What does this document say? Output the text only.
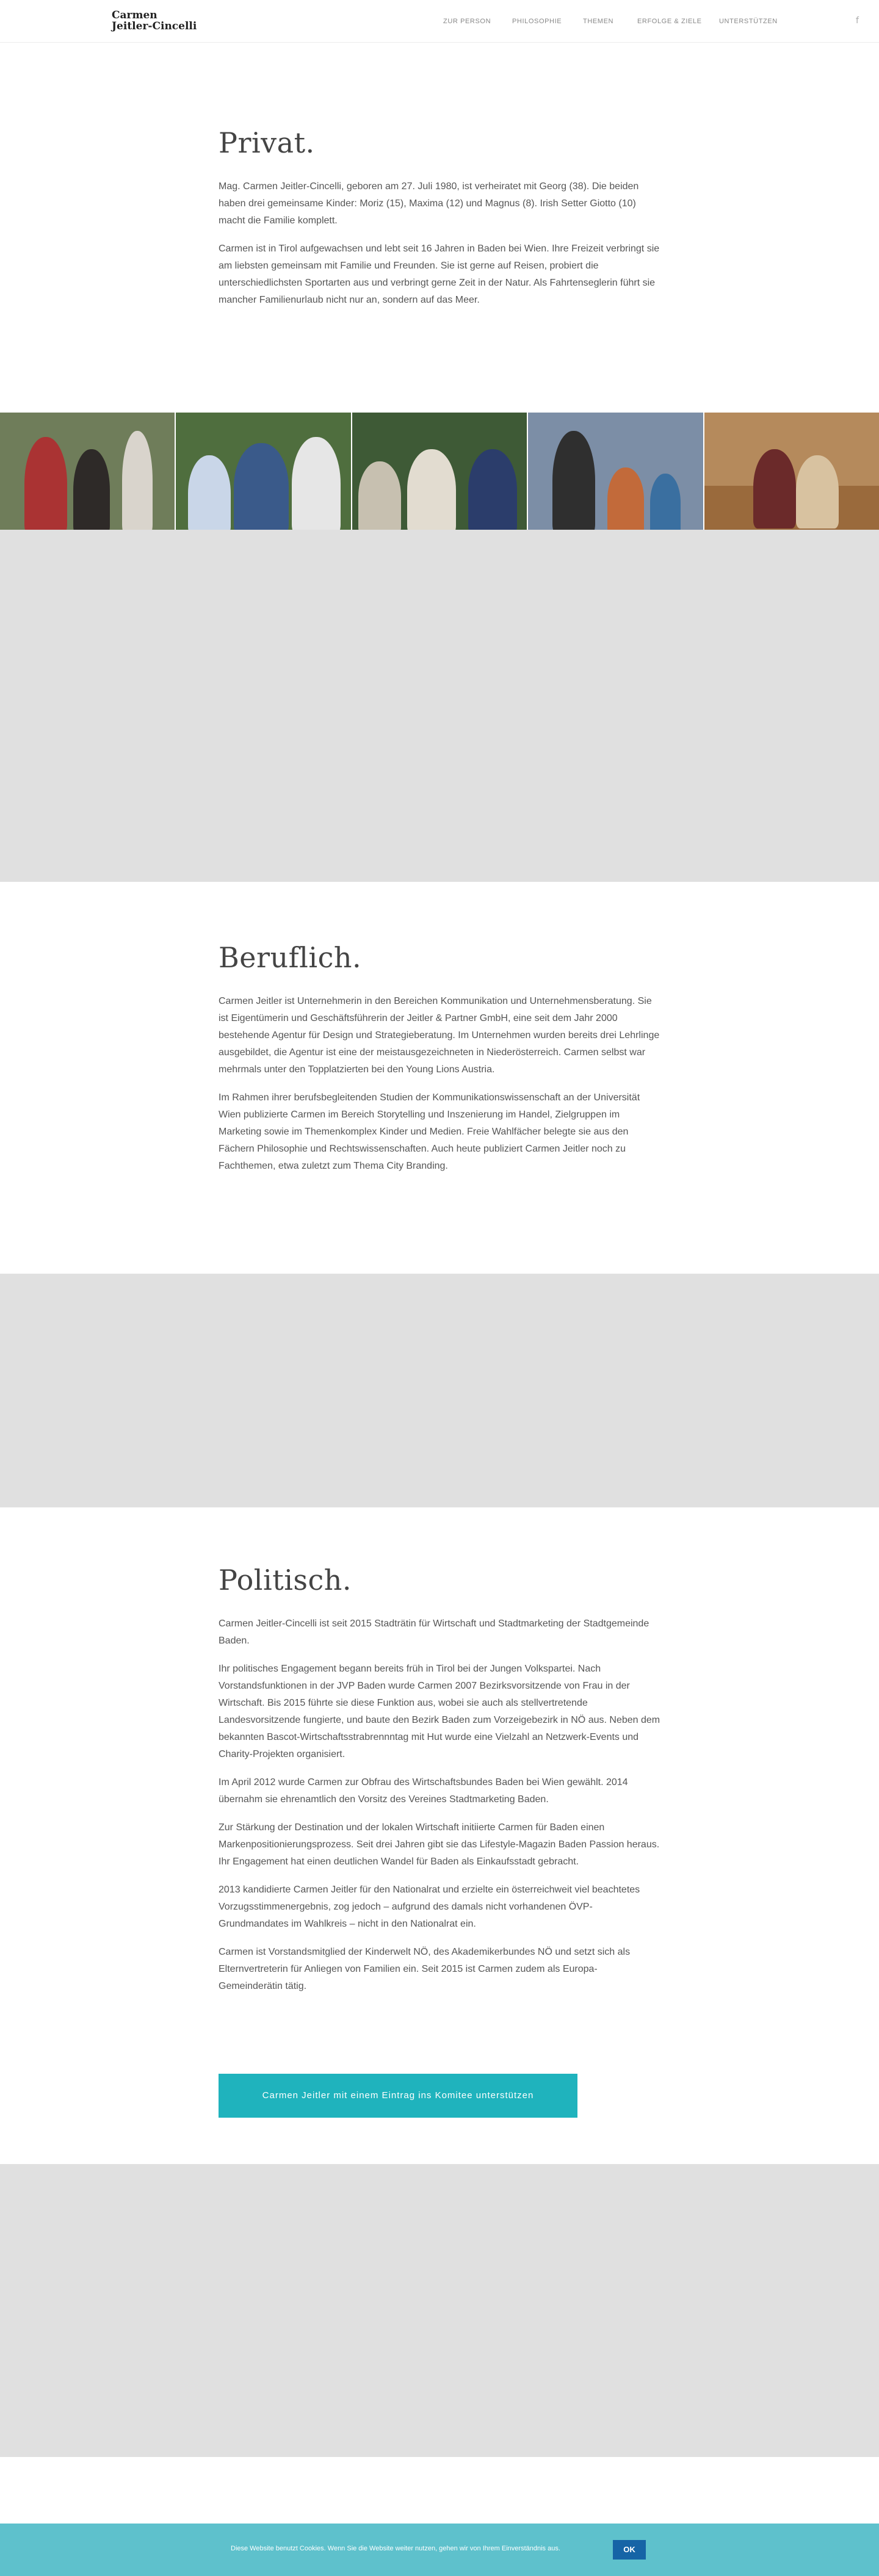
Carmen
Jeitler-Cincelli	ZUR PERSON	PHILOSOPHIE	THEMEN	ERFOLGE & ZIELE	UNTERSTÜTZEN	f
Privat.

Mag. Carmen Jeitler-Cincelli, geboren am 27. Juli 1980, ist verheiratet mit Georg (38). Die beiden haben drei gemeinsame Kinder: Moriz (15), Maxima (12) und Magnus (8). Irish Setter Giotto (10) macht die Familie komplett.

Carmen ist in Tirol aufgewachsen und lebt seit 16 Jahren in Baden bei Wien. Ihre Freizeit verbringt sie am liebsten gemeinsam mit Familie und Freunden. Sie ist gerne auf Reisen, probiert die unterschiedlichsten Sportarten aus und verbringt gerne Zeit in der Natur. Als Fahrtenseglerin führt sie mancher Familienurlaub nicht nur an, sondern auf das Meer.

Beruflich.

Carmen Jeitler ist Unternehmerin in den Bereichen Kommunikation und Unternehmensberatung. Sie ist Eigentümerin und Geschäftsführerin der Jeitler & Partner GmbH, eine seit dem Jahr 2000 bestehende Agentur für Design und Strategieberatung. Im Unternehmen wurden bereits drei Lehrlinge ausgebildet, die Agentur ist eine der meistausgezeichneten in Niederösterreich. Carmen selbst war mehrmals unter den Topplatzierten bei den Young Lions Austria.

Im Rahmen ihrer berufsbegleitenden Studien der Kommunikationswissenschaft an der Universität Wien publizierte Carmen im Bereich Storytelling und Inszenierung im Handel, Zielgruppen im Marketing sowie im Themenkomplex Kinder und Medien. Freie Wahlfächer belegte sie aus den Fächern Philosophie und Rechtswissenschaften. Auch heute publiziert Carmen Jeitler noch zu Fachthemen, etwa zuletzt zum Thema City Branding.

Politisch.

Carmen Jeitler-Cincelli ist seit 2015 Stadträtin für Wirtschaft und Stadtmarketing der Stadtgemeinde Baden.

Ihr politisches Engagement begann bereits früh in Tirol bei der Jungen Volkspartei. Nach Vorstandsfunktionen in der JVP Baden wurde Carmen 2007 Bezirksvorsitzende von Frau in der Wirtschaft. Bis 2015 führte sie diese Funktion aus, wobei sie auch als stellvertretende Landesvorsitzende fungierte, und baute den Bezirk Baden zum Vorzeigebezirk in NÖ aus. Neben dem bekannten Bascot-Wirtschaftsstrabrennntag mit Hut wurde eine Vielzahl an Netzwerk-Events und Charity-Projekten organisiert.

Im April 2012 wurde Carmen zur Obfrau des Wirtschaftsbundes Baden bei Wien gewählt. 2014 übernahm sie ehrenamtlich den Vorsitz des Vereines Stadtmarketing Baden.

Zur Stärkung der Destination und der lokalen Wirtschaft initiierte Carmen für Baden einen Markenpositionierungsprozess. Seit drei Jahren gibt sie das Lifestyle-Magazin Baden Passion heraus. Ihr Engagement hat einen deutlichen Wandel für Baden als Einkaufsstadt gebracht.

2013 kandidierte Carmen Jeitler für den Nationalrat und erzielte ein österreichweit viel beachtetes Vorzugsstimmenergebnis, zog jedoch – aufgrund des damals nicht vorhandenen ÖVP-Grundmandates im Wahlkreis – nicht in den Nationalrat ein.

Carmen ist Vorstandsmitglied der Kinderwelt NÖ, des Akademikerbundes NÖ und setzt sich als Elternvertreterin für Anliegen von Familien ein. Seit 2015 ist Carmen zudem als Europa-Gemeinderätin tätig.

Carmen Jeitler mit einem Eintrag ins Komitee unterstützen
Diese Website benutzt Cookies. Wenn Sie die Website weiter nutzen, gehen wir von Ihrem Einverständnis aus.	OK
